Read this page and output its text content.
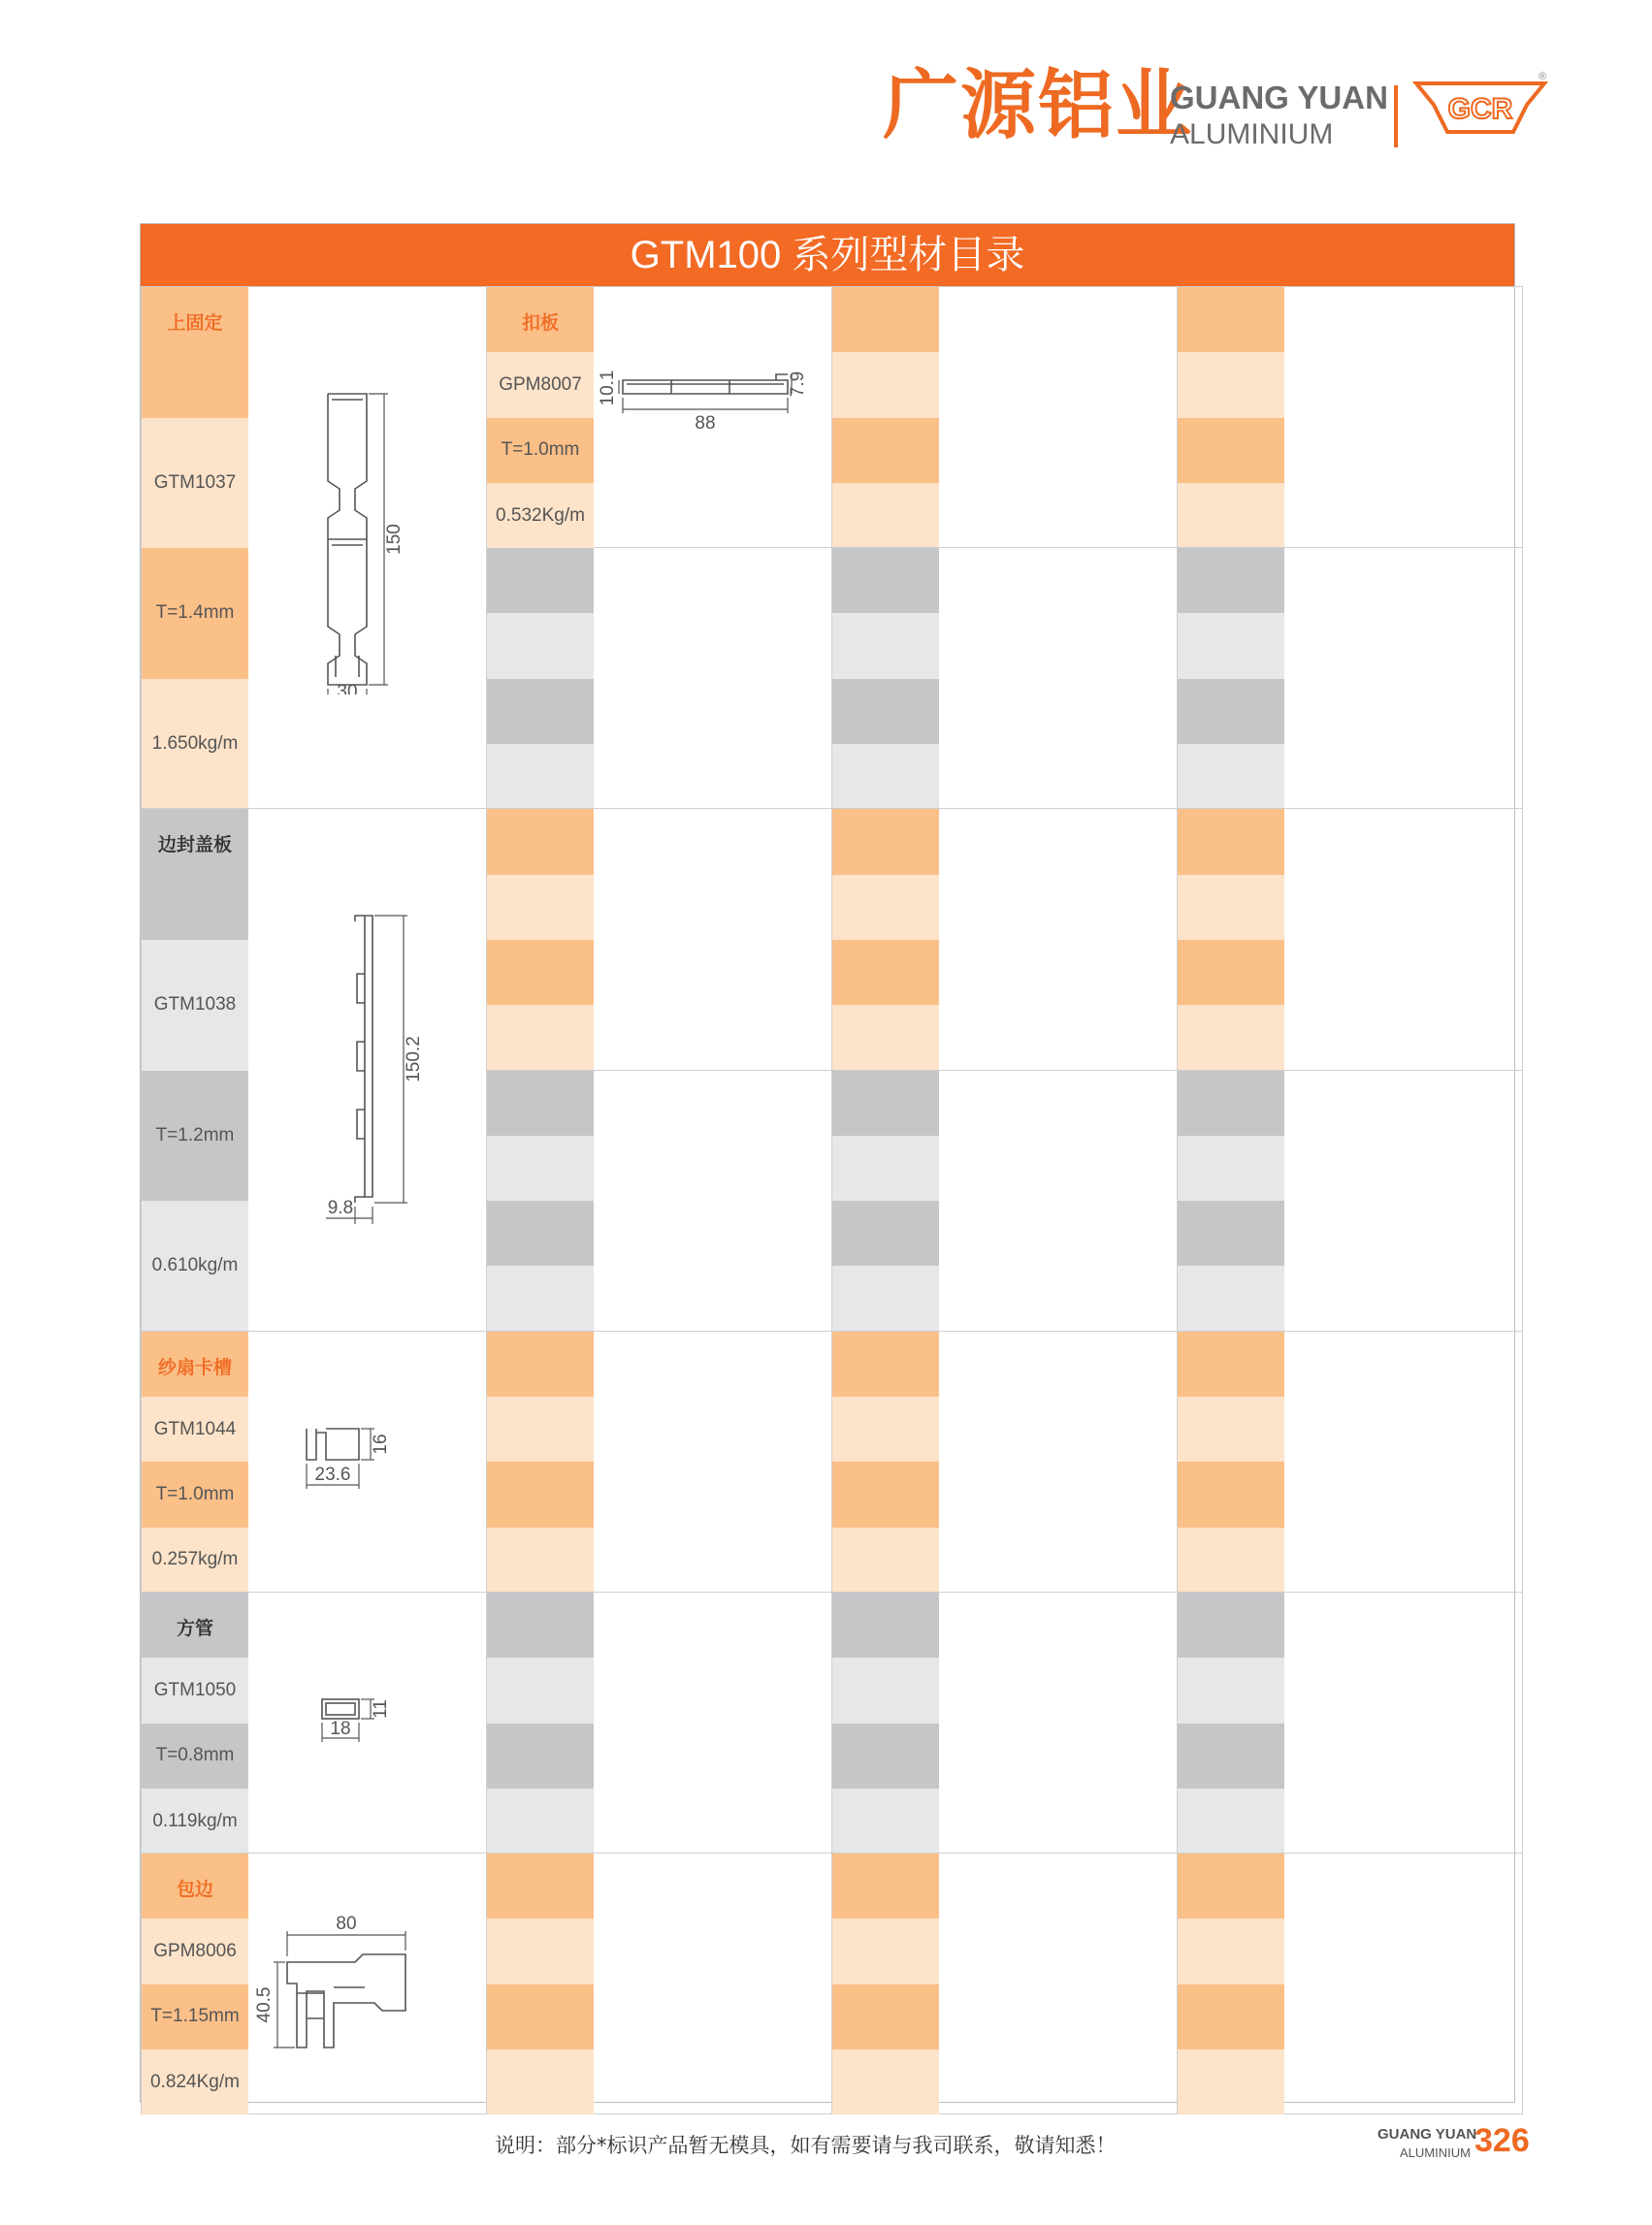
广源铝业
GUANG YUAN
ALUMINIUM
GCR
®
GTM100 系列型材目录
上固定
GTM1037
T=1.4mm
1.650kg/m
150
30
扣板
GPM8007
T=1.0mm
0.532Kg/m
10.1	7.9
88
边封盖板
GTM1038
T=1.2mm
0.610kg/m
150.2
9.8
纱扇卡槽
GTM1044
T=1.0mm
0.257kg/m
16
23.6
方管
GTM1050
T=0.8mm
0.119kg/m
11
18
包边
GPM8006
T=1.15mm
0.824Kg/m
80
40.5
说明：部分*标识产品暂无模具，如有需要请与我司联系，敬请知悉！	GUANG YUAN
ALUMINIUM 326
